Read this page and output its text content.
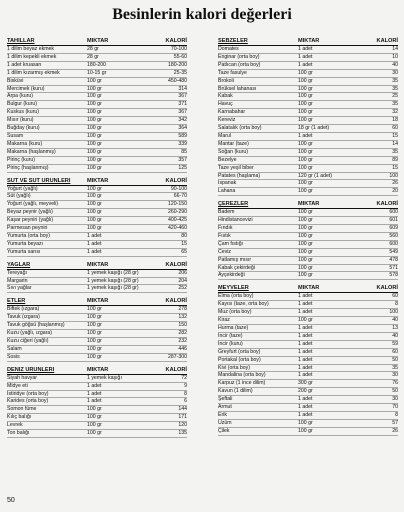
Besinlerin kalori değerleri
TAHILLAR	MİKTAR	KALORİ
1 dilim beyaz ekmek	28 gr	70-100
1 dilim kepekli ekmek	28 gr	55-60
1 adet kruasan	180-200	180-200
1 dilim kızarmış ekmek	10-15 gr	25-35
Bisküvi	100 gr	450-480
Mercimek (kuru)	100 gr	314
Arpa (kuru)	100 gr	367
Bulgur (kuru)	100 gr	371
Kuskus (kuru)	100 gr	367
Mısır (kuru)	100 gr	342
Buğday (kuru)	100 gr	364
Susam	100 gr	589
Makarna (kuru)	100 gr	339
Makarna (haşlanmış)	100 gr	85
Pirinç (kuru)	100 gr	357
Pirinç (haşlanmış)	100 gr	125
SÜT VE SÜT ÜRÜNLERİ	MİKTAR	KALORİ
Yoğurt (yağlı)	100 gr	90-100
Süt (yağlı)	100 gr	66-70
Yoğurt (yağlı, meyveli)	100 gr	120-150
Beyaz peynir (yağlı)	100 gr	260-290
Kaşar peyniri (yağlı)	100 gr	400-425
Parmesan peyniri	100 gr	420-460
Yumurta (orta boy)	1 adet	80
Yumurta beyazı	1 adet	15
Yumurta sarısı	1 adet	65
YAĞLAR	MİKTAR	KALORİ
Tereyağı	1 yemek kaşığı (28 gr)	206
Margarin	1 yemek kaşığı (28 gr)	204
Sıvı yağlar	1 yemek kaşığı (28 gr)	252
ETLER	MİKTAR	KALORİ
Biftek (ızgara)	100 gr	278
Tavuk (ızgara)	100 gr	132
Tavuk göğsü (haşlanmış)	100 gr	150
Kuzu (yağlı, ızgara)	100 gr	282
Kuzu ciğeri (yağlı)	100 gr	232
Salam	100 gr	446
Sosis	100 gr	287-300
DENİZ ÜRÜNLERİ	MİKTAR	KALORİ
Siyah havyar	1 yemek kaşığı	72
Midye eti	1 adet	9
İstiridye (orta boy)	1 adet	8
Karides (orta boy)	1 adet	6
Somon füme	100 gr	144
Kılıç balığı	100 gr	171
Levrek	100 gr	120
Ton balığı	100 gr	135
SEBZELER	MİKTAR	KALORİ
Domates	1 adet	14
Enginar (orta boy)	1 adet	10
Patlıcan (orta boy)	1 adet	40
Taze fasulye	100 gr	30
Brokoli	100 gr	35
Brüksel lahanası	100 gr	35
Kabak	100 gr	25
Havuç	100 gr	35
Karnabahar	100 gr	32
Kereviz	100 gr	18
Salatalık (orta boy)	18 gr (1 adet)	60
Marul	1 adet	15
Mantar (taze)	100 gr	14
Soğan (kuru)	100 gr	35
Bezelye	100 gr	89
Taze yeşil biber	100 gr	15
Patates (haşlama)	120 gr (1 adet)	100
Ispanak	100 gr	26
Lahana	100 gr	20
ÇEREZLER	MİKTAR	KALORİ
Badem	100 gr	600
Hindistancevizi	100 gr	601
Fındık	100 gr	609
Fıstık	100 gr	560
Çam fıstığı	100 gr	600
Ceviz	100 gr	549
Patlamış mısır	100 gr	478
Kabak çekirdeği	100 gr	571
Ayçekirdeği	100 gr	578
MEYVELER	MİKTAR	KALORİ
Elma (orta boy)	1 adet	60
Kayısı (taze, orta boy)	1 adet	8
Muz (orta boy)	1 adet	100
Kiraz	100 gr	40
Hurma (taze)	1 adet	13
İncir (taze)	1 adet	40
İncir (kuru)	1 adet	59
Greyfurt (orta boy)	1 adet	60
Portakal (orta boy)	1 adet	50
Kivi (orta boy)	1 adet	35
Mandalina (orta boy)	1 adet	30
Karpuz (1 ince dilim)	300 gr	76
Kavun (1 dilim)	200 gr	50
Şeftali	1 adet	30
Armut	1 adet	70
Erik	1 adet	8
Üzüm	100 gr	57
Çilek	100 gr	26
50
